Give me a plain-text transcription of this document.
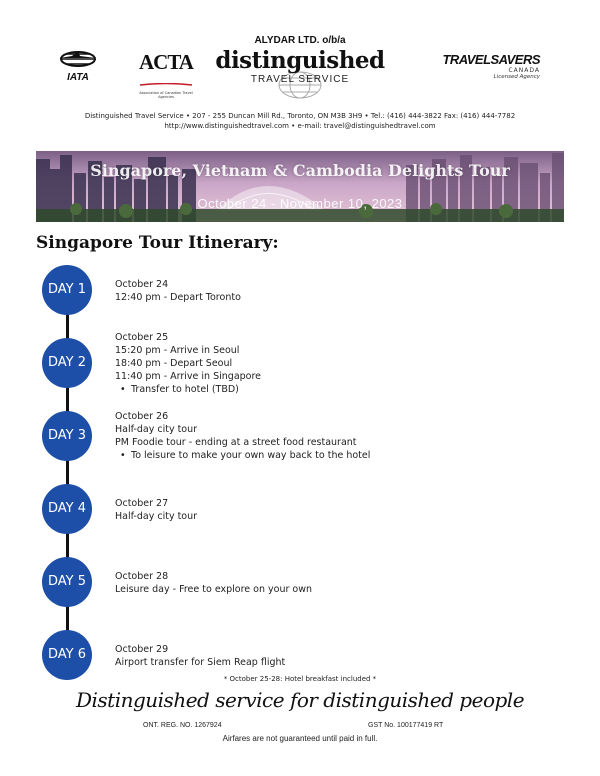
IATA
ACTA
Association of Canadian Travel Agencies
ALYDAR LTD. o/b/a
distinguished
TRAVEL SERVICE
TRAVELSAVERS
CANADA
Licensed Agency
Distinguished Travel Service • 207 - 255 Duncan Mill Rd., Toronto, ON M3B 3H9 • Tel.: (416) 444-3822 Fax: (416) 444-7782
http://www.distinguishedtravel.com • e-mail: travel@distinguishedtravel.com
Singapore, Vietnam & Cambodia Delights Tour
October 24 - November 10, 2023
Singapore Tour Itinerary:
DAY 1	October 24
12:40 pm - Depart Toronto
DAY 2
October 25
15:20 pm - Arrive in Seoul
18:40 pm - Depart Seoul
11:40 pm - Arrive in Singapore
• Transfer to hotel (TBD)
DAY 3
October 26
Half-day city tour
PM Foodie tour - ending at a street food restaurant
• To leisure to make your own way back to the hotel
DAY 4	October 27
Half-day city tour
DAY 5	October 28
Leisure day - Free to explore on your own
DAY 6	October 29
Airport transfer for Siem Reap flight
* October 25-28: Hotel breakfast included *
Distinguished service for distinguished people
ONT. REG. NO. 1267924	GST No. 100177419 RT
Airfares are not guaranteed until paid in full.
